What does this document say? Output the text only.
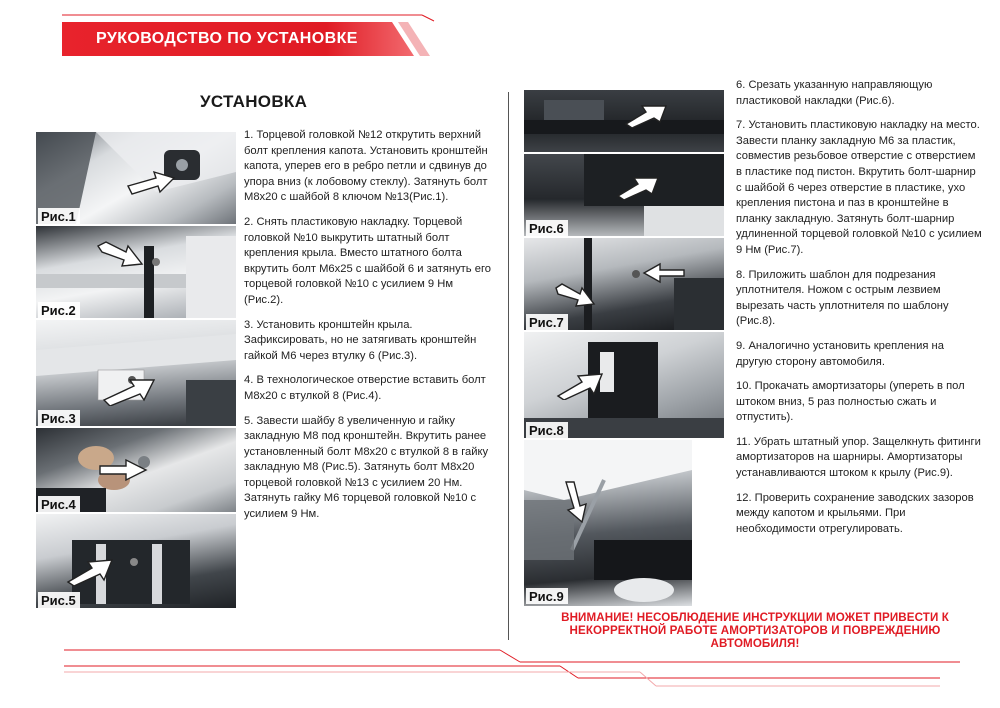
РУКОВОДСТВО ПО УСТАНОВКЕ
УСТАНОВКА
Рис.1
Рис.2
Рис.3
Рис.4
Рис.5
Рис.6
Рис.7
Рис.8
Рис.9

1. Торцевой головкой №12 открутить верхний болт крепления капота. Установить кронштейн капота, уперев его в ребро петли и сдвинув до упора вниз (к лобовому стеклу). Затянуть болт М8х20 с шайбой 8 ключом №13(Рис.1).

2. Снять пластиковую накладку. Торцевой головкой №10 выкрутить штатный болт крепления крыла. Вместо штатного болта вкрутить болт М6х25 с шайбой 6 и затянуть его торцевой головкой №10 с усилием 9 Нм (Рис.2).

3. Установить кронштейн крыла. Зафиксировать, но не затягивать кронштейн гайкой М6 через втулку 6 (Рис.3).

4. В технологическое отверстие вставить болт М8х20 с втулкой 8 (Рис.4).

5. Завести шайбу 8 увеличенную и гайку закладную М8 под кронштейн. Вкрутить ранее установленный болт М8х20 с втулкой 8 в гайку закладную М8 (Рис.5). Затянуть болт М8х20 торцевой головкой №13 с усилием 20 Нм. Затянуть гайку М6 торцевой головкой №10 с усилием 9 Нм.

6. Срезать указанную направляющую пластиковой накладки (Рис.6).

7. Установить пластиковую накладку на место. Завести планку закладную М6 за пластик, совместив резьбовое отверстие с отверстием в пластике под пистон. Вкрутить болт-шарнир с шайбой 6 через отверстие в пластике, ухо крепления пистона и паз в кронштейне в планку закладную. Затянуть болт-шарнир удлиненной торцевой головкой №10 с усилием 9 Нм (Рис.7).

8. Приложить шаблон для подрезания уплотнителя. Ножом с острым лезвием вырезать часть уплотнителя по шаблону (Рис.8).

9. Аналогично установить крепления на другую сторону автомобиля.

10. Прокачать амортизаторы (упереть в пол штоком вниз, 5 раз полностью сжать и отпустить).

11. Убрать штатный упор. Защелкнуть фитинги амортизаторов на шарниры. Амортизаторы устанавливаются штоком к крылу (Рис.9).

12. Проверить сохранение заводских зазоров между капотом и крыльями. При необходимости отрегулировать.

ВНИМАНИЕ! НЕСОБЛЮДЕНИЕ ИНСТРУКЦИИ МОЖЕТ ПРИВЕСТИ К
НЕКОРРЕКТНОЙ РАБОТЕ АМОРТИЗАТОРОВ И ПОВРЕЖДЕНИЮ
АВТОМОБИЛЯ!
